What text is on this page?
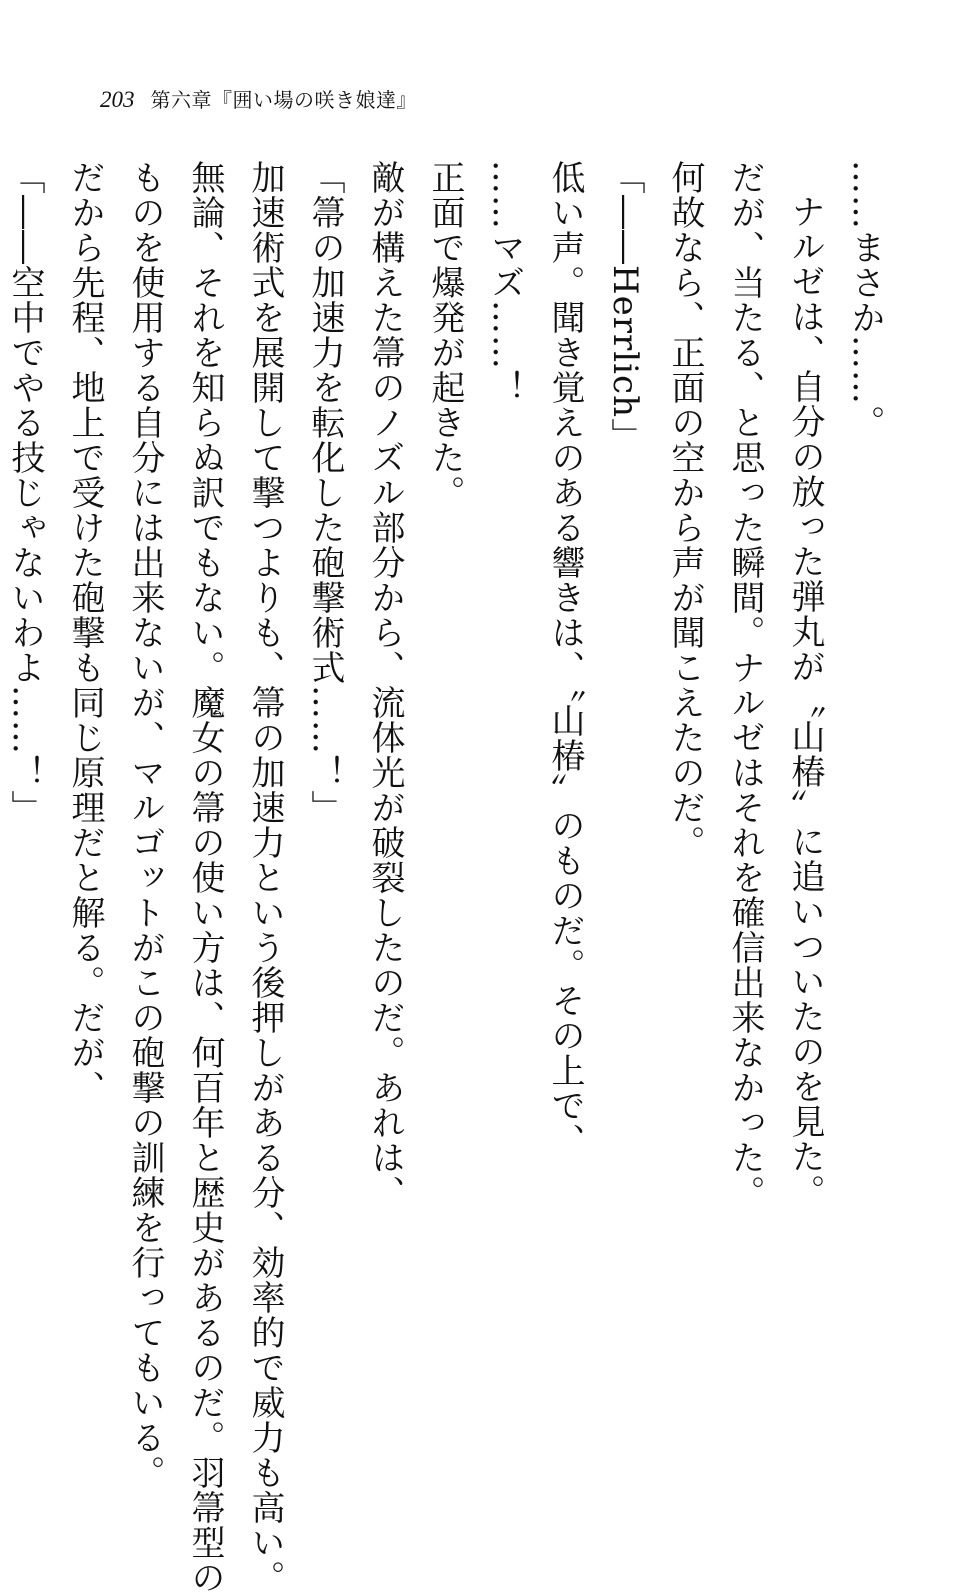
203 第六章『囲い場の咲き娘達』
……まさか……。
ナルゼは、自分の放った弾丸が〝山椿〟に追いついたのを見た。
だが、当たる、と思った瞬間。ナルゼはそれを確信出来なかった。
何故なら、正面の空から声が聞こえたのだ。
「――Herrlich」
低い声。聞き覚えのある響きは、〝山椿〟のものだ。その上で、
……マズ……！
正面で爆発が起きた。
敵が構えた箒のノズル部分から、流体光が破裂したのだ。あれは、
「箒の加速力を転化した砲撃術式……！」
加速術式を展開して撃つよりも、箒の加速力という後押しがある分、効率的で威力も高い。
無論、それを知らぬ訳でもない。魔女の箒の使い方は、何百年と歴史があるのだ。羽箒型の
ものを使用する自分には出来ないが、マルゴットがこの砲撃の訓練を行ってもいる。
だから先程、地上で受けた砲撃も同じ原理だと解る。だが、
「――空中でやる技じゃないわよ……！」
